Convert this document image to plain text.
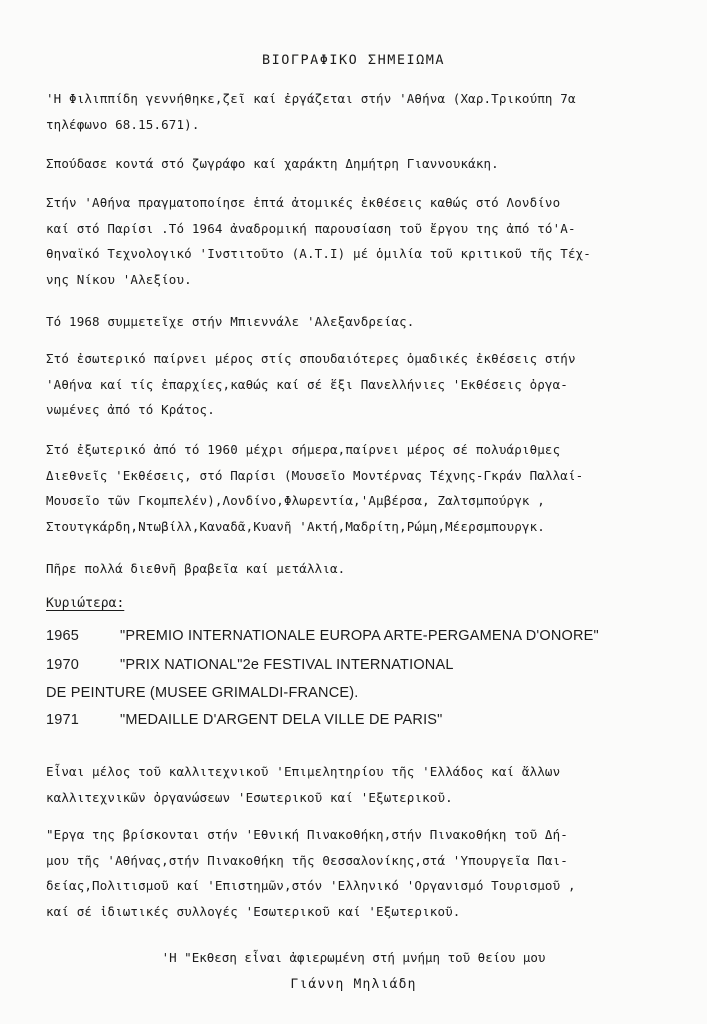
ΒΙΟΓΡΑΦΙΚΟ ΣΗΜΕΙΩΜΑ
'Η Φιλιππίδη γεννήθηκε,ζεῖ καί ἐργάζεται στήν 'Αθήνα (Χαρ.Τρικούπη 7α
τηλέφωνο 68.15.671).
Σπούδασε κοντά στό ζωγράφο καί χαράκτη Δημήτρη Γιαννουκάκη.
Στήν 'Αθήνα πραγματοποίησε ἑπτά ἀτομικές ἐκθέσεις καθώς στό Λονδίνο
καί στό Παρίσι .Τό 1964 ἀναδρομική παρουσίαση τοῦ ἔργου της ἀπό τό'Α-
θηναϊκό Τεχνολογικό 'Ινστιτοῦτο (Α.Τ.Ι) μέ ὁμιλία τοῦ κριτικοῦ τῆς Τέχ-
νης Νίκου 'Αλεξίου.
Τό 1968 συμμετεῖχε στήν Μπιεννάλε 'Αλεξανδρείας.
Στό ἐσωτερικό παίρνει μέρος στίς σπουδαιότερες ὁμαδικές ἐκθέσεις στήν
'Αθήνα καί τίς ἐπαρχίες,καθώς καί σέ ἕξι Πανελλήνιες 'Εκθέσεις ὀργα-
νωμένες ἀπό τό Κράτος.
Στό ἐξωτερικό ἀπό τό 1960 μέχρι σήμερα,παίρνει μέρος σέ πολυάριθμες
Διεθνεῖς 'Εκθέσεις, στό Παρίσι (Μουσεῖο Μοντέρνας Τέχνης-Γκράν Παλλαί-
Μουσεῖο τῶν Γκομπελέν),Λονδίνο,Φλωρεντία,'Αμβέρσα, Ζαλτσμπούργκ ,
Στουτγκάρδη,Ντωβίλλ,Καναδᾶ,Κυανῆ 'Ακτή,Μαδρίτη,Ρώμη,Μέερσμπουργκ.
Πῆρε πολλά διεθνῆ βραβεῖα καί μετάλλια.
Κυριώτερα:
1965	"PREMIO INTERNATIONALE EUROPA ARTE-PERGAMENA D'ONORE"
1970	"PRIX NATIONAL"2e FESTIVAL INTERNATIONAL
DE PEINTURE (MUSEE GRIMALDI-FRANCE).
1971	"MEDAILLE D'ARGENT DELA VILLE DE PARIS"
Εἶναι μέλος τοῦ καλλιτεχνικοῦ 'Επιμελητηρίου τῆς 'Ελλάδος καί ἄλλων
καλλιτεχνικῶν ὀργανώσεων 'Εσωτερικοῦ καί 'Εξωτερικοῦ.
"Εργα της βρίσκονται στήν 'Εθνική Πινακοθήκη,στήν Πινακοθήκη τοῦ Δή-
μου τῆς 'Αθήνας,στήν Πινακοθήκη τῆς Θεσσαλονίκης,στά 'Υπουργεῖα Παι-
δείας,Πολιτισμοῦ καί 'Επιστημῶν,στόν 'Ελληνικό 'Οργανισμό Τουρισμοῦ ,
καί σέ ἰδιωτικές συλλογές 'Εσωτερικοῦ καί 'Εξωτερικοῦ.
'Η "Εκθεση εἶναι ἀφιερωμένη στή μνήμη τοῦ θείου μου
Γιάννη Μηλιάδη
